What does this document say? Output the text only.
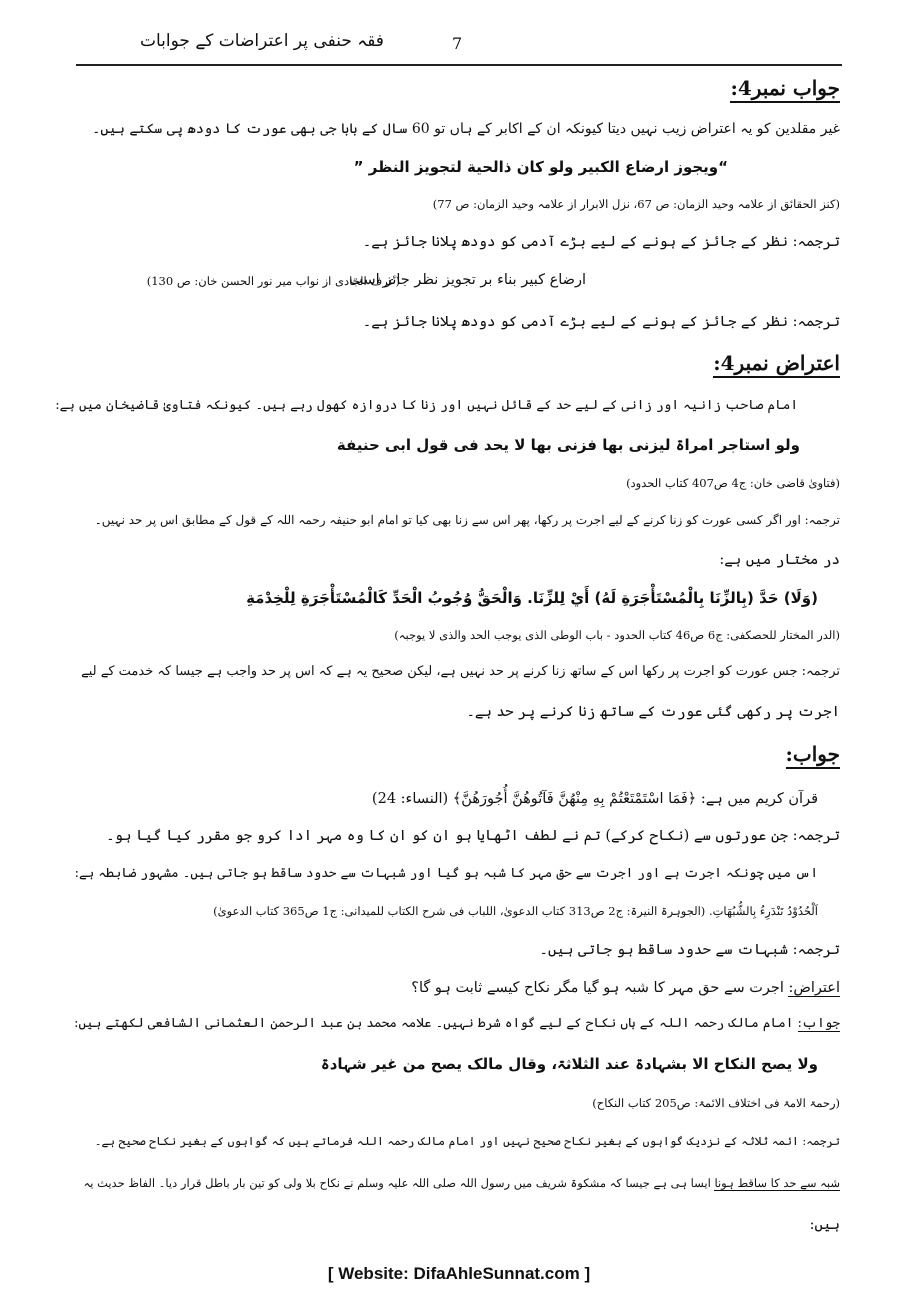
فقہ حنفی پر اعتراضات کے جوابات	7
جواب نمبر4:
غیر مقلدین کو یہ اعتراض زیب نہیں دیتا کیونکہ ان کے اکابر کے ہاں تو 60 سال کے بابا جی بھی عورت کا دودھ پی سکتے ہیں۔
“ویجوز ارضاع الکبیر ولو کان ذالحیة لتجویز النظر ”
(کنز الحقائق از علامہ وحید الزمان: ص 67، نزل الابرار از علامہ وحید الزمان: ص 77)
ترجمہ: نظر کے جائز کے ہونے کے لیے بڑے آدمی کو دودھ پلانا جائز ہے۔
ارضاع کبیر بناء بر تجویز نظر جائز است
(عرف الجادی از نواب میر نور الحسن خان: ص 130)
ترجمہ: نظر کے جائز کے ہونے کے لیے بڑے آدمی کو دودھ پلانا جائز ہے۔
اعتراض نمبر4:
امام صاحب زانیہ اور زانی کے لیے حد کے قائل نہیں اور زنا کا دروازہ کھول رہے ہیں۔ کیونکہ فتاویٰ قاضیخان میں ہے:
ولو استاجر امراۃ لیزنی بھا فزنی بھا لا یحد فی قول ابی حنیفة
(فتاویٰ قاضی خان: ج4 ص407 کتاب الحدود)
ترجمہ: اور اگر کسی عورت کو زنا کرنے کے لیے اجرت پر رکھا، پھر اس سے زنا بھی کیا تو امام ابو حنیفہ رحمہ اللہ کے قول کے مطابق اس پر حد نہیں۔
در مختار میں ہے:
(وَلَا) حَدَّ (بِالزِّنَا بِالْمُسْتَأْجَرَةِ لَهُ) أَيْ لِلزِّنَا. وَالْحَقُّ وُجُوبُ الْحَدِّ كَالْمُسْتَأْجَرَةِ لِلْخِدْمَةِ
(الدر المختار للحصکفی: ج6 ص46 کتاب الحدود - باب الوطی الذی یوجب الحد والذی لا یوجبہ)
ترجمہ: جس عورت کو اجرت پر رکھا اس کے ساتھ زنا کرنے پر حد نہیں ہے، لیکن صحیح یہ ہے کہ اس پر حد واجب ہے جیسا کہ خدمت کے لیے
اجرت پر رکھی گئی عورت کے ساتھ زنا کرنے پر حد ہے۔
جواب:
قرآن کریم میں ہے: ﴿فَمَا اسْتَمْتَعْتُمْ بِهِ مِنْهُنَّ فَآتُوهُنَّ أُجُورَهُنَّ﴾ (النساء: 24)
ترجمہ: جن عورتوں سے (نکاح کرکے) تم نے لطف اٹھایا ہو ان کو ان کا وہ مہر ادا کرو جو مقرر کیا گیا ہو۔
اس میں چونکہ اجرت ہے اور اجرت سے حق مہر کا شبہ ہو گیا اور شبہات سے حدود ساقط ہو جاتی ہیں۔ مشہور ضابطہ ہے:
اَلْحُدُوْدُ تَنْدَرِءُ بِالشُّبُهَاتِ. (الجوہرۃ النیرۃ: ج2 ص313 کتاب الدعویٰ، اللباب فی شرح الکتاب للمیدانی: ج1 ص365 کتاب الدعویٰ)
ترجمہ: شبہات سے حدود ساقط ہو جاتی ہیں۔
اعتراض: اجرت سے حق مہر کا شبہ ہو گیا مگر نکاح کیسے ثابت ہو گا؟
جواب: امام مالک رحمہ اللہ کے ہاں نکاح کے لیے گواہ شرط نہیں۔ علامہ محمد بن عبد الرحمن العثمانی الشافعی لکھتے ہیں:
ولا یصح النکاح الا بشہادۃ عند الثلاثۃ، وقال مالک یصح من غیر شہادۃ
(رحمۃ الامۃ فی اختلاف الائمۃ: ص205 کتاب النکاح)
ترجمہ: ائمہ ثلاثہ کے نزدیک گواہوں کے بغیر نکاح صحیح نہیں اور امام مالک رحمہ اللہ فرماتے ہیں کہ گواہوں کے بغیر نکاح صحیح ہے۔
شبہ سے حد کا ساقط ہونا ایسا ہی ہے جیسا کہ مشکوۃ شریف میں رسول اللہ صلی اللہ علیہ وسلم نے نکاح بلا ولی کو تین بار باطل قرار دیا۔ الفاظ حدیث یہ
ہیں:
[ Website: DifaAhleSunnat.com ]
